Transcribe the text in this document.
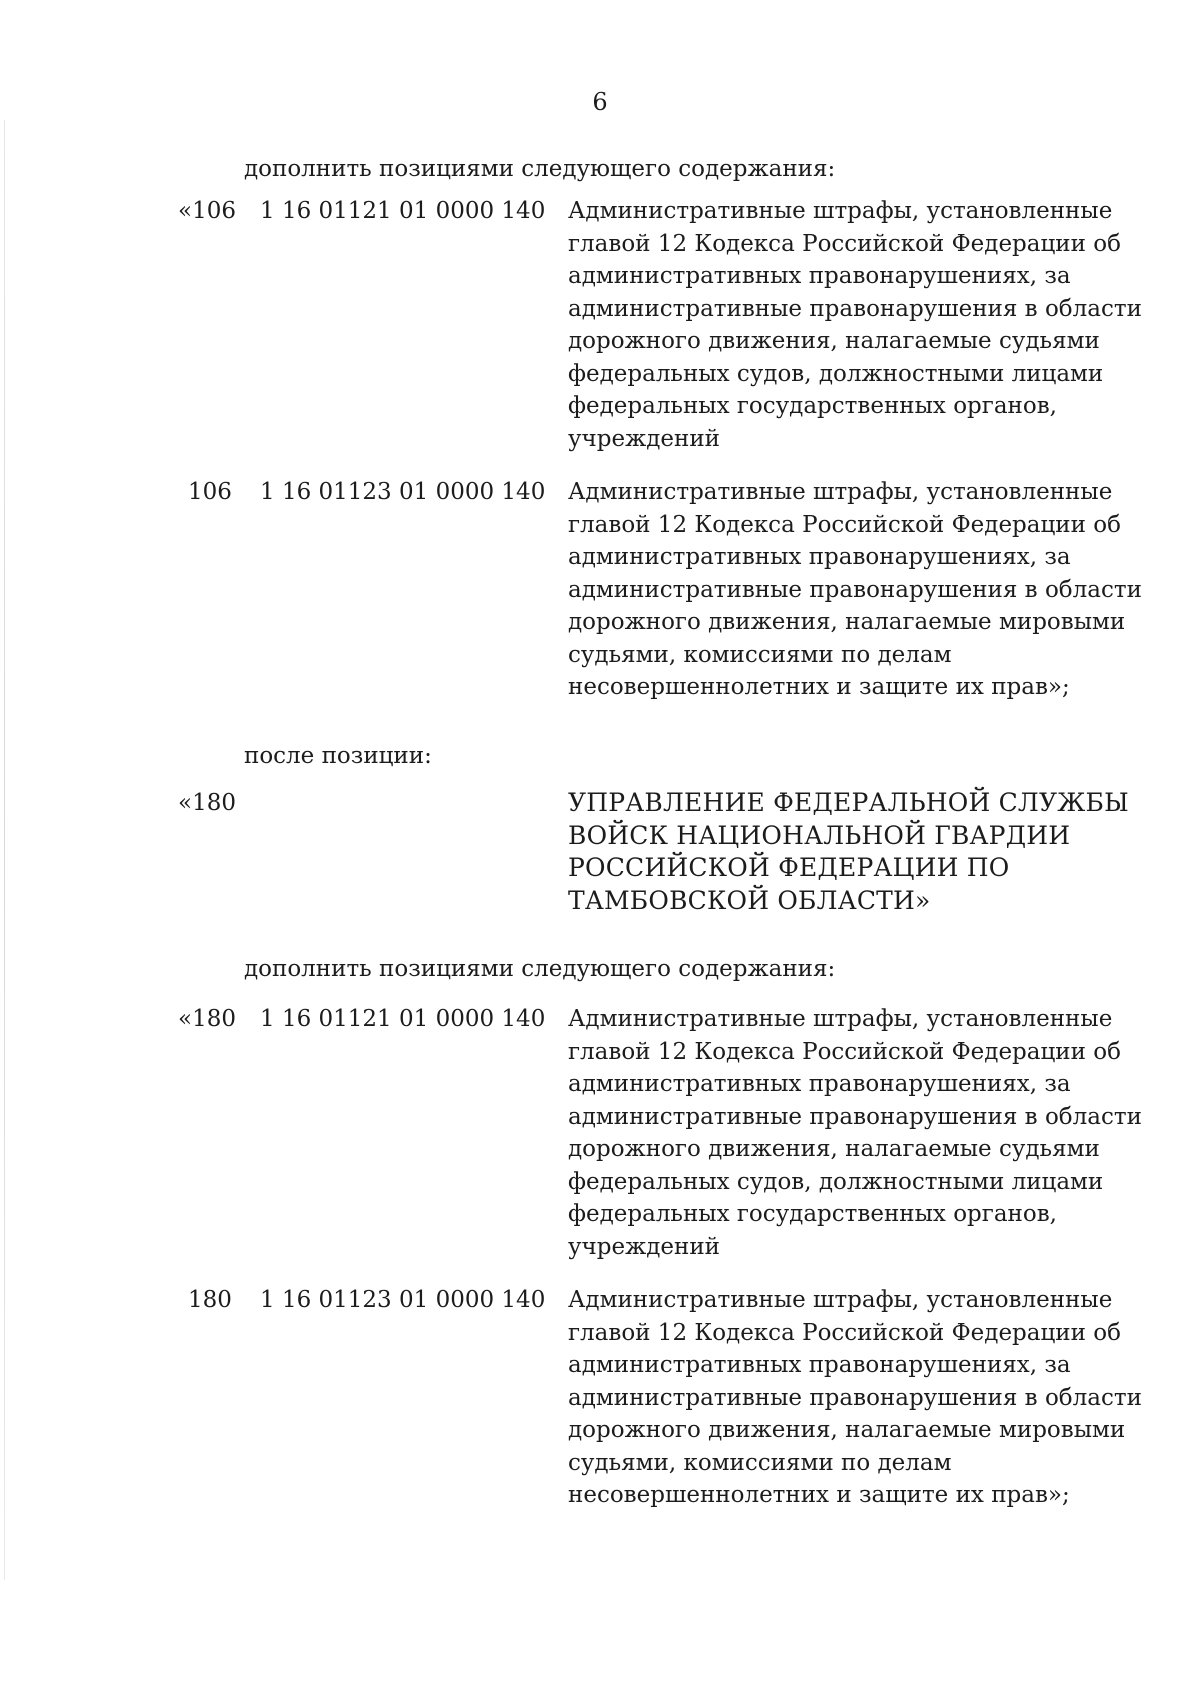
6
дополнить позициями следующего содержания:
«106 1 16 01121 01 0000 140 Административные штрафы, установленные
главой 12 Кодекса Российской Федерации об
административных правонарушениях, за
административные правонарушения в области
дорожного движения, налагаемые судьями
федеральных судов, должностными лицами
федеральных государственных органов,
учреждений
106 1 16 01123 01 0000 140 Административные штрафы, установленные
главой 12 Кодекса Российской Федерации об
административных правонарушениях, за
административные правонарушения в области
дорожного движения, налагаемые мировыми
судьями, комиссиями по делам
несовершеннолетних и защите их прав»;
после позиции:
«180	УПРАВЛЕНИЕ ФЕДЕРАЛЬНОЙ СЛУЖБЫ
ВОЙСК НАЦИОНАЛЬНОЙ ГВАРДИИ
РОССИЙСКОЙ ФЕДЕРАЦИИ ПО
ТАМБОВСКОЙ ОБЛАСТИ»
дополнить позициями следующего содержания:
«180 1 16 01121 01 0000 140 Административные штрафы, установленные
главой 12 Кодекса Российской Федерации об
административных правонарушениях, за
административные правонарушения в области
дорожного движения, налагаемые судьями
федеральных судов, должностными лицами
федеральных государственных органов,
учреждений
180 1 16 01123 01 0000 140 Административные штрафы, установленные
главой 12 Кодекса Российской Федерации об
административных правонарушениях, за
административные правонарушения в области
дорожного движения, налагаемые мировыми
судьями, комиссиями по делам
несовершеннолетних и защите их прав»;
